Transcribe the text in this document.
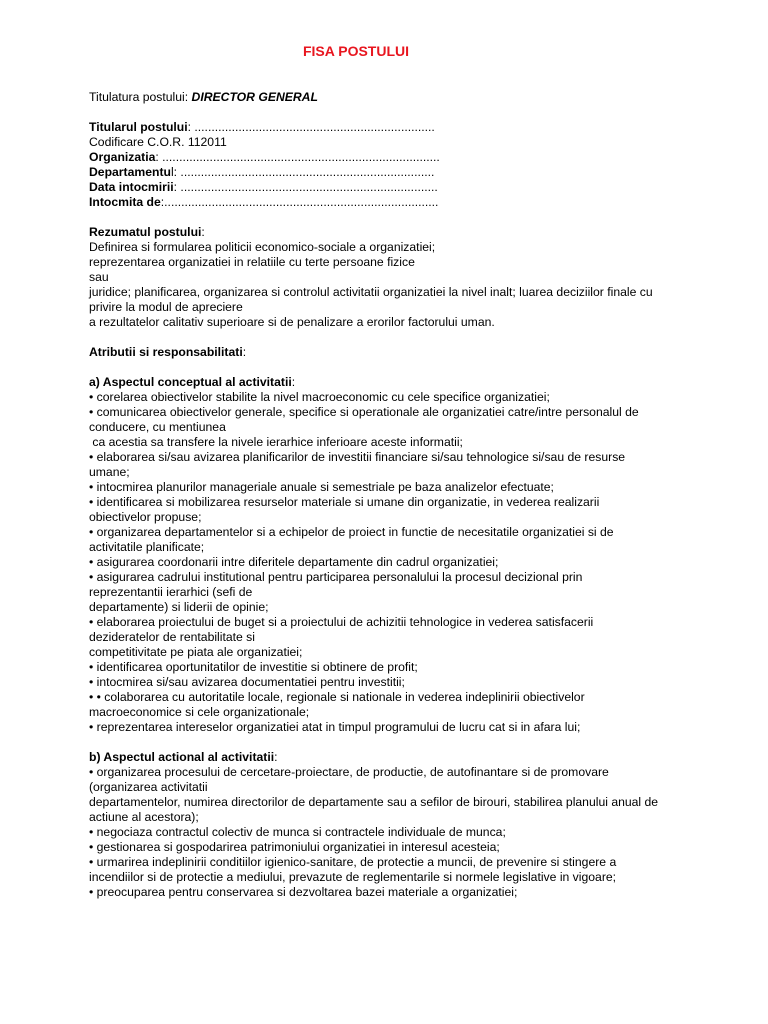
FISA POSTULUI

Titulatura postului: DIRECTOR GENERAL

Titularul postului: .......................................................................

Codificare C.O.R. 112011

Organizatia: ..................................................................................

Departamentul: ...........................................................................

Data intocmirii: ............................................................................

Intocmita de:.................................................................................

Rezumatul postului:

Definirea si formularea politicii economico-sociale a organizatiei;

reprezentarea organizatiei in relatiile cu terte persoane fizice

sau

juridice; planificarea, organizarea si controlul activitatii organizatiei la nivel inalt; luarea deciziilor finale cu

privire la modul de apreciere

a rezultatelor calitativ superioare si de penalizare a erorilor factorului uman.

Atributii si responsabilitati:

a) Aspectul conceptual al activitatii:

• corelarea obiectivelor stabilite la nivel macroeconomic cu cele specifice organizatiei;

• comunicarea obiectivelor generale, specifice si operationale ale organizatiei catre/intre personalul de

conducere, cu mentiunea

ca acestia sa transfere la nivele ierarhice inferioare aceste informatii;

• elaborarea si/sau avizarea planificarilor de investitii financiare si/sau tehnologice si/sau de resurse

umane;

• intocmirea planurilor manageriale anuale si semestriale pe baza analizelor efectuate;

• identificarea si mobilizarea resurselor materiale si umane din organizatie, in vederea realizarii

obiectivelor propuse;

• organizarea departamentelor si a echipelor de proiect in functie de necesitatile organizatiei si de

activitatile planificate;

• asigurarea coordonarii intre diferitele departamente din cadrul organizatiei;

• asigurarea cadrului institutional pentru participarea personalului la procesul decizional prin

reprezentantii ierarhici (sefi de

departamente) si liderii de opinie;

• elaborarea proiectului de buget si a proiectului de achizitii tehnologice in vederea satisfacerii

dezideratelor de rentabilitate si

competitivitate pe piata ale organizatiei;

• identificarea oportunitatilor de investitie si obtinere de profit;

• intocmirea si/sau avizarea documentatiei pentru investitii;

• • colaborarea cu autoritatile locale, regionale si nationale in vederea indeplinirii obiectivelor

macroeconomice si cele organizationale;

• reprezentarea intereselor organizatiei atat in timpul programului de lucru cat si in afara lui;

b) Aspectul actional al activitatii:

• organizarea procesului de cercetare-proiectare, de productie, de autofinantare si de promovare

(organizarea activitatii

departamentelor, numirea directorilor de departamente sau a sefilor de birouri, stabilirea planului anual de

actiune al acestora);

• negociaza contractul colectiv de munca si contractele individuale de munca;

• gestionarea si gospodarirea patrimoniului organizatiei in interesul acesteia;

• urmarirea indeplinirii conditiilor igienico-sanitare, de protectie a muncii, de prevenire si stingere a

incendiilor si de protectie a mediului, prevazute de reglementarile si normele legislative in vigoare;

• preocuparea pentru conservarea si dezvoltarea bazei materiale a organizatiei;
